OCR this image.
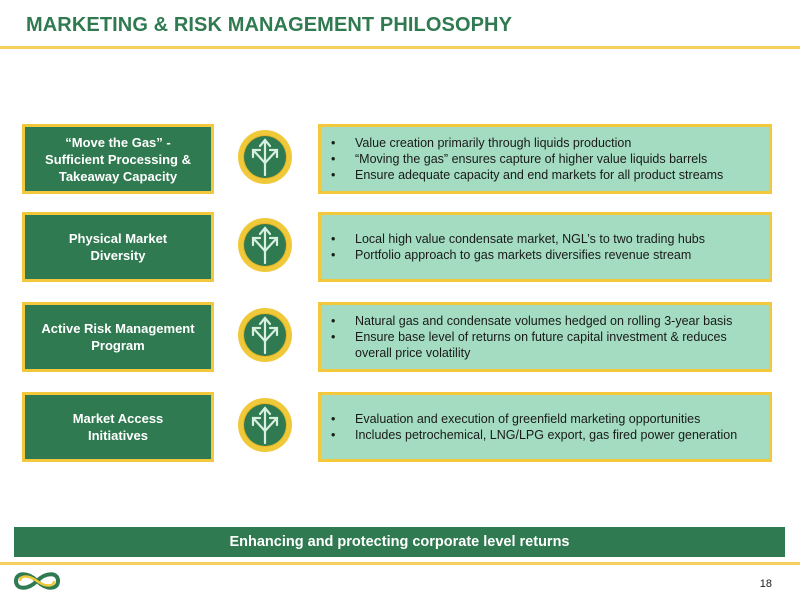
MARKETING & RISK MANAGEMENT PHILOSOPHY
“Move the Gas” -
Sufficient Processing &
Takeaway Capacity
• Value creation primarily through liquids production
• “Moving the gas” ensures capture of higher value liquids barrels
• Ensure adequate capacity and end markets for all product streams
Physical Market
Diversity
• Local high value condensate market, NGL’s to two trading hubs
• Portfolio approach to gas markets diversifies revenue stream
Active Risk Management
Program
• Natural gas and condensate volumes hedged on rolling 3-year basis
• Ensure base level of returns on future capital investment & reduces overall price volatility
Market Access
Initiatives
• Evaluation and execution of greenfield marketing opportunities
• Includes petrochemical, LNG/LPG export, gas fired power generation
Enhancing and protecting corporate level returns
18
